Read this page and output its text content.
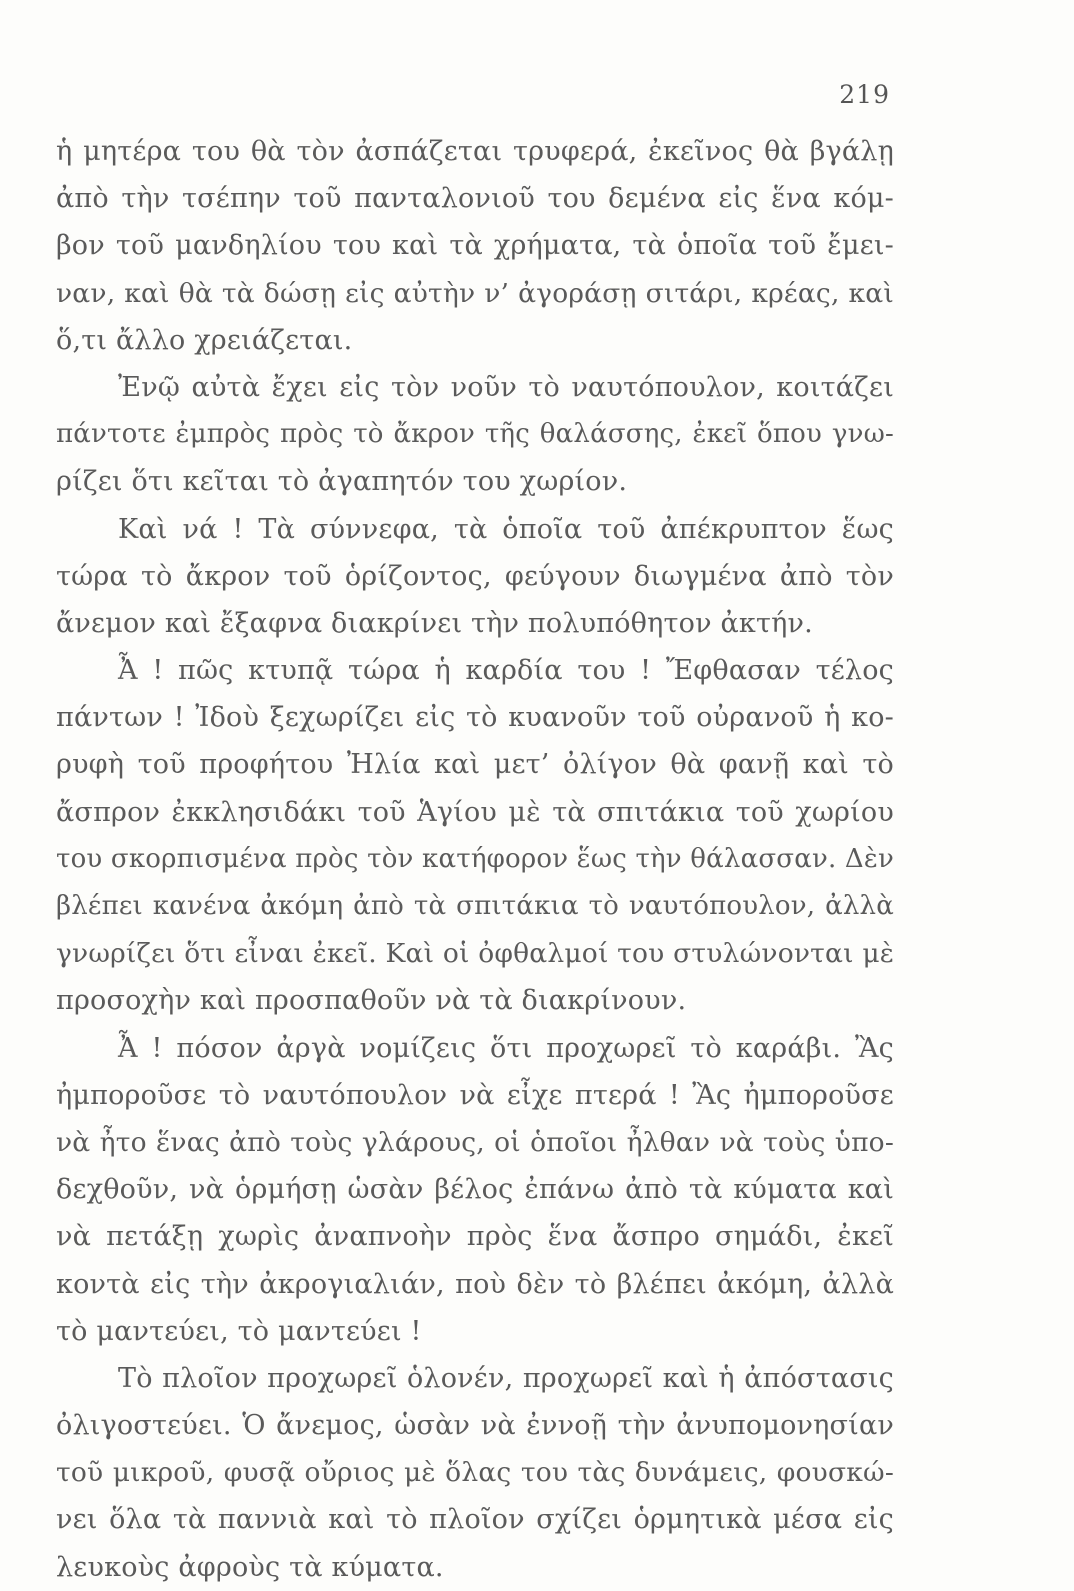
219
ἡ μητέρα του θὰ τὸν ἀσπάζεται τρυφερά, ἐκεῖνος θὰ βγάλῃ
ἀπὸ τὴν τσέπην τοῦ πανταλονιοῦ του δεμένα εἰς ἕνα κόμ-
βον τοῦ μανδηλίου του καὶ τὰ χρήματα, τὰ ὁποῖα τοῦ ἔμει-
ναν, καὶ θὰ τὰ δώσῃ εἰς αὐτὴν ν’ ἀγοράσῃ σιτάρι, κρέας, καὶ
ὅ,τι ἄλλο χρειάζεται.
Ἐνῷ αὐτὰ ἔχει εἰς τὸν νοῦν τὸ ναυτόπουλον, κοιτάζει
πάντοτε ἐμπρὸς πρὸς τὸ ἄκρον τῆς θαλάσσης, ἐκεῖ ὅπου γνω-
ρίζει ὅτι κεῖται τὸ ἀγαπητόν του χωρίον.
Καὶ νά ! Τὰ σύννεφα, τὰ ὁποῖα τοῦ ἀπέκρυπτον ἕως
τώρα τὸ ἄκρον τοῦ ὁρίζοντος, φεύγουν διωγμένα ἀπὸ τὸν
ἄνεμον καὶ ἔξαφνα διακρίνει τὴν πολυπόθητον ἀκτήν.
Ἆ ! πῶς κτυπᾷ τώρα ἡ καρδία του ! Ἔφθασαν τέλος
πάντων ! Ἰδοὺ ξεχωρίζει εἰς τὸ κυανοῦν τοῦ οὐρανοῦ ἡ κο-
ρυφὴ τοῦ προφήτου Ἠλία καὶ μετ’ ὀλίγον θὰ φανῇ καὶ τὸ
ἄσπρον ἐκκλησιδάκι τοῦ Ἁγίου μὲ τὰ σπιτάκια τοῦ χωρίου
του σκορπισμένα πρὸς τὸν κατήφορον ἕως τὴν θάλασσαν. Δὲν
βλέπει κανένα ἀκόμη ἀπὸ τὰ σπιτάκια τὸ ναυτόπουλον, ἀλλὰ
γνωρίζει ὅτι εἶναι ἐκεῖ. Καὶ οἱ ὀφθαλμοί του στυλώνονται μὲ
προσοχὴν καὶ προσπαθοῦν νὰ τὰ διακρίνουν.
Ἆ ! πόσον ἀργὰ νομίζεις ὅτι προχωρεῖ τὸ καράβι. Ἂς
ἠμποροῦσε τὸ ναυτόπουλον νὰ εἶχε πτερά ! Ἂς ἠμποροῦσε
νὰ ἦτο ἕνας ἀπὸ τοὺς γλάρους, οἱ ὁποῖοι ἦλθαν νὰ τοὺς ὑπο-
δεχθοῦν, νὰ ὁρμήσῃ ὡσὰν βέλος ἐπάνω ἀπὸ τὰ κύματα καὶ
νὰ πετάξῃ χωρὶς ἀναπνοὴν πρὸς ἕνα ἄσπρο σημάδι, ἐκεῖ
κοντὰ εἰς τὴν ἀκρογιαλιάν, ποὺ δὲν τὸ βλέπει ἀκόμη, ἀλλὰ
τὸ μαντεύει, τὸ μαντεύει !
Τὸ πλοῖον προχωρεῖ ὁλονέν, προχωρεῖ καὶ ἡ ἀπόστασις
ὀλιγοστεύει. Ὁ ἄνεμος, ὡσὰν νὰ ἐννοῇ τὴν ἀνυπομονησίαν
τοῦ μικροῦ, φυσᾷ οὔριος μὲ ὅλας του τὰς δυνάμεις, φουσκώ-
νει ὅλα τὰ παννιὰ καὶ τὸ πλοῖον σχίζει ὁρμητικὰ μέσα εἰς
λευκοὺς ἀφροὺς τὰ κύματα.
